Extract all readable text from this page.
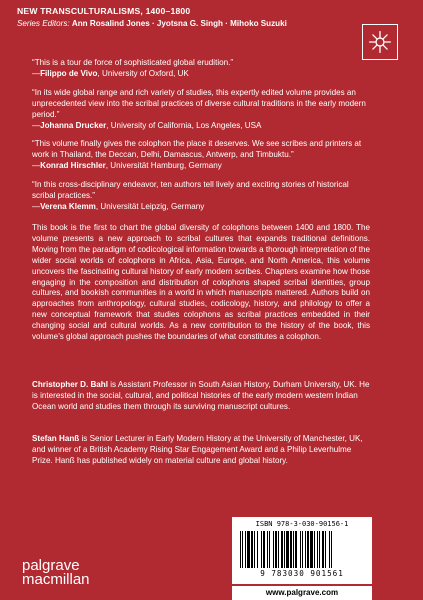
NEW TRANSCULTURALISMS, 1400–1800
Series Editors: Ann Rosalind Jones · Jyotsna G. Singh · Mihoko Suzuki
“This is a tour de force of sophisticated global erudition.”
—Filippo de Vivo, University of Oxford, UK
“In its wide global range and rich variety of studies, this expertly edited volume provides an unprecedented view into the scribal practices of diverse cultural traditions in the early modern period.”
—Johanna Drucker, University of California, Los Angeles, USA
“This volume finally gives the colophon the place it deserves. We see scribes and printers at work in Thailand, the Deccan, Delhi, Damascus, Antwerp, and Timbuktu.”
—Konrad Hirschler, Universität Hamburg, Germany
“In this cross-disciplinary endeavor, ten authors tell lively and exciting stories of historical scribal practices.”
—Verena Klemm, Universität Leipzig, Germany

This book is the first to chart the global diversity of colophons between 1400 and 1800. The volume presents a new approach to scribal cultures that expands traditional definitions. Moving from the paradigm of codicological information towards a thorough interpretation of the wider social worlds of colophons in Africa, Asia, Europe, and North America, this volume uncovers the fascinating cultural history of early modern scribes. Chapters examine how those engaging in the composition and distribution of colophons shaped scribal identities, group cultures, and bookish communities in a world in which manuscripts mattered. Authors build on approaches from anthropology, cultural studies, codicology, history, and philology to offer a new conceptual framework that studies colophons as scribal practices embedded in their changing social and cultural worlds. As a new contribution to the history of the book, this volume’s global approach pushes the boundaries of what constitutes a colophon.

Christopher D. Bahl is Assistant Professor in South Asian History, Durham University, UK. He is interested in the social, cultural, and political histories of the early modern western Indian Ocean world and studies them through its surviving manuscript cultures.

Stefan Hanß is Senior Lecturer in Early Modern History at the University of Manchester, UK, and winner of a British Academy Rising Star Engagement Award and a Philip Leverhulme Prize. Hanß has published widely on material culture and global history.

ISBN 978-3-030-90156-1
9 783030 901561
www.palgrave.com
palgrave
macmillan
